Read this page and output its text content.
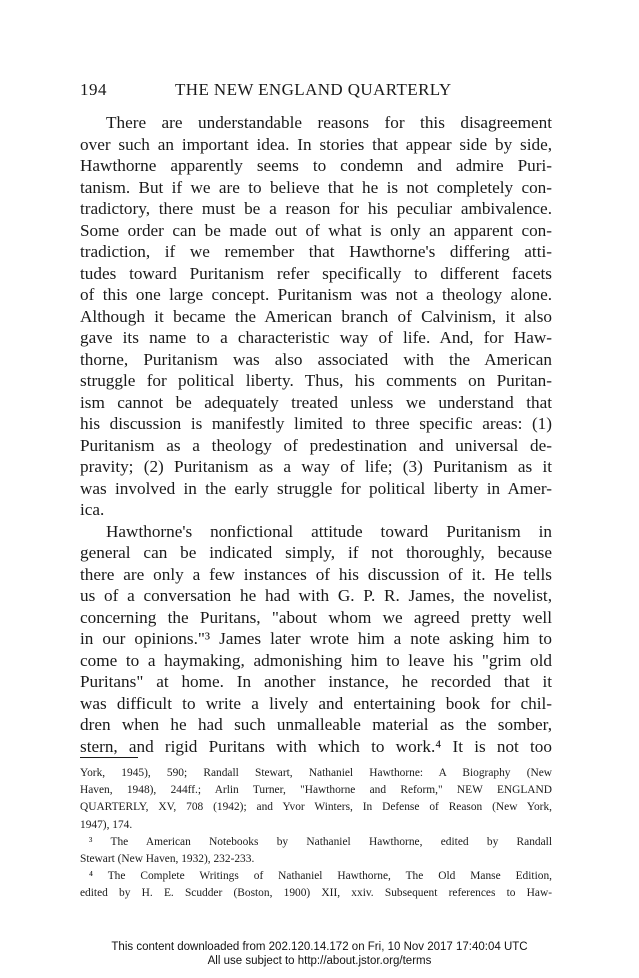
194	THE NEW ENGLAND QUARTERLY
There are understandable reasons for this disagreement
over such an important idea. In stories that appear side by side,
Hawthorne apparently seems to condemn and admire Puri-
tanism. But if we are to believe that he is not completely con-
tradictory, there must be a reason for his peculiar ambivalence.
Some order can be made out of what is only an apparent con-
tradiction, if we remember that Hawthorne's differing atti-
tudes toward Puritanism refer specifically to different facets
of this one large concept. Puritanism was not a theology alone.
Although it became the American branch of Calvinism, it also
gave its name to a characteristic way of life. And, for Haw-
thorne, Puritanism was also associated with the American
struggle for political liberty. Thus, his comments on Puritan-
ism cannot be adequately treated unless we understand that
his discussion is manifestly limited to three specific areas: (1)
Puritanism as a theology of predestination and universal de-
pravity; (2) Puritanism as a way of life; (3) Puritanism as it
was involved in the early struggle for political liberty in Amer-
ica.
Hawthorne's nonfictional attitude toward Puritanism in
general can be indicated simply, if not thoroughly, because
there are only a few instances of his discussion of it. He tells
us of a conversation he had with G. P. R. James, the novelist,
concerning the Puritans, "about whom we agreed pretty well
in our opinions."³ James later wrote him a note asking him to
come to a haymaking, admonishing him to leave his "grim old
Puritans" at home. In another instance, he recorded that it
was difficult to write a lively and entertaining book for chil-
dren when he had such unmalleable material as the somber,
stern, and rigid Puritans with which to work.⁴ It is not too
York, 1945), 590; Randall Stewart, Nathaniel Hawthorne: A Biography (New
Haven, 1948), 244ff.; Arlin Turner, "Hawthorne and Reform," NEW ENGLAND
QUARTERLY, XV, 708 (1942); and Yvor Winters, In Defense of Reason (New York,
1947), 174.
³ The American Notebooks by Nathaniel Hawthorne, edited by Randall
Stewart (New Haven, 1932), 232-233.
⁴ The Complete Writings of Nathaniel Hawthorne, The Old Manse Edition,
edited by H. E. Scudder (Boston, 1900) XII, xxiv. Subsequent references to Haw-
This content downloaded from 202.120.14.172 on Fri, 10 Nov 2017 17:40:04 UTC
All use subject to http://about.jstor.org/terms
